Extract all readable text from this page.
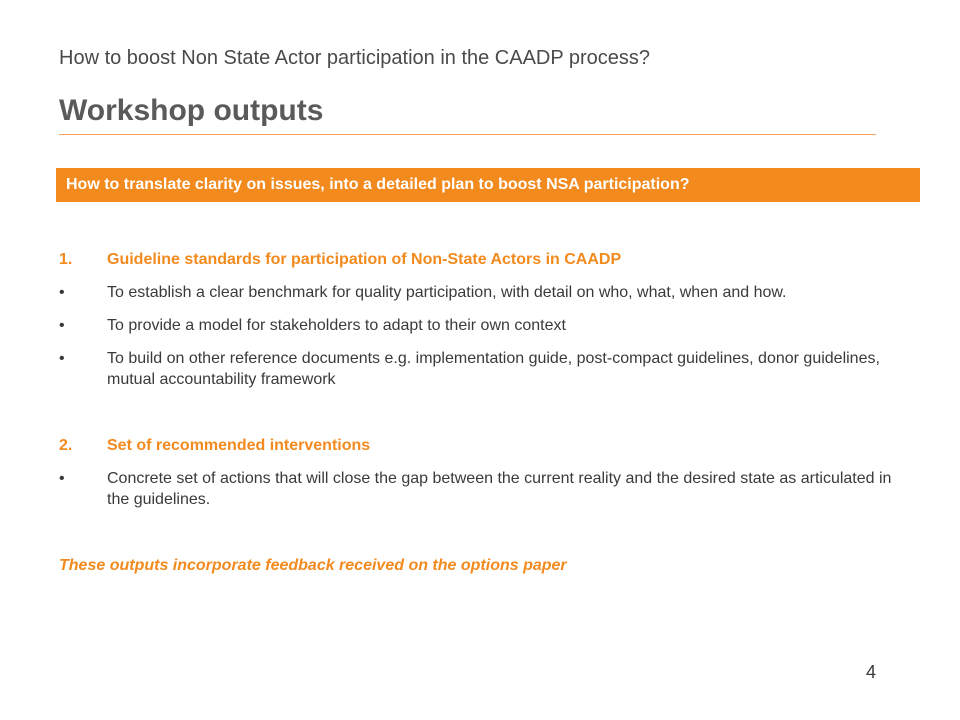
How to boost Non State Actor participation in the CAADP process?
Workshop outputs
How to translate clarity on issues, into a detailed plan to boost NSA participation?
1.	Guideline standards for participation of Non-State Actors in CAADP
•	To establish a clear benchmark for quality participation, with detail on who, what, when and how.
•	To provide a model for stakeholders to adapt to their own context
•	To build on other reference documents e.g. implementation guide, post-compact guidelines, donor guidelines, mutual accountability framework
2.	Set of recommended interventions
•	Concrete set of actions that will close the gap between the current reality and the desired state as articulated in the guidelines.
These outputs incorporate feedback received on the options paper
4
